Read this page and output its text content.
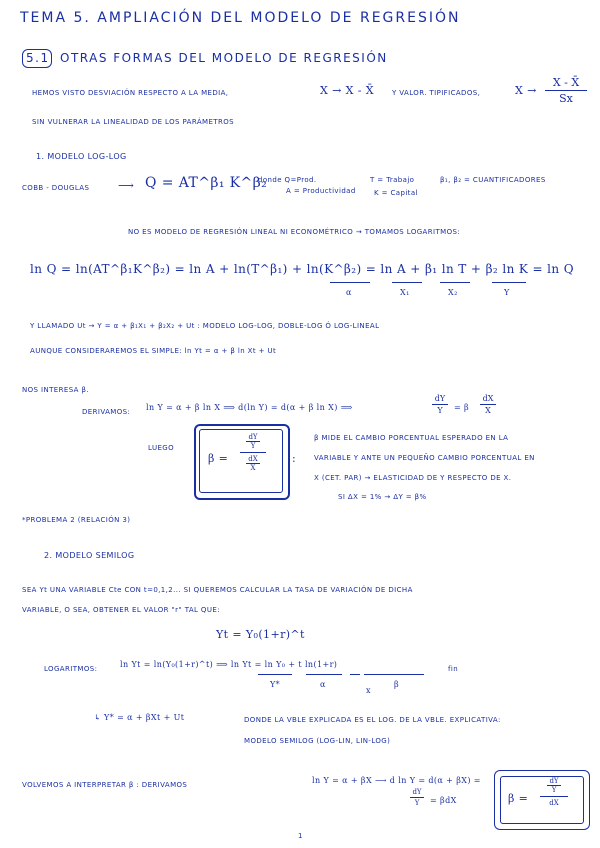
TEMA 5. AMPLIACIÓN DEL MODELO DE REGRESIÓN
5.1 OTRAS FORMAS DEL MODELO DE REGRESIÓN
HEMOS VISTO DESVIACIÓN RESPECTO A LA MEDIA,	X → X - X̄	Y VALOR. TIPIFICADOS,	X →
X - X̄
Sx
SIN VULNERAR LA LINEALIDAD DE LOS PARÁMETROS
1. MODELO LOG-LOG
COBB - DOUGLAS	⟶ Q = AT^β₁ K^β₂
donde Q=Prod.
A = Productividad
T = Trabajo
K = Capital
β₁, β₂ = CUANTIFICADORES
NO ES MODELO DE REGRESIÓN LINEAL NI ECONOMÉTRICO → TOMAMOS LOGARITMOS:
ln Q = ln(AT^β₁K^β₂) = ln A + ln(T^β₁) + ln(K^β₂) = ln A + β₁ ln T + β₂ ln K = ln Q
α	X₁	X₂	Y
Y LLAMADO Ut → Y = α + β₁X₁ + β₂X₂ + Ut : MODELO LOG-LOG, DOBLE-LOG Ó LOG-LINEAL
AUNQUE CONSIDERAREMOS EL SIMPLE: ln Yt = α + β ln Xt + Ut
NOS INTERESA β.
DERIVAMOS: ln Y = α + β ln X ⟹ d(ln Y) = d(α + β ln X) ⟹
dY
Y	= β
dX
X
LUEGO
β =
dY
Y
dX
X
:
β MIDE EL CAMBIO PORCENTUAL ESPERADO EN LA
VARIABLE Y ANTE UN PEQUEÑO CAMBIO PORCENTUAL EN
X (CET. PAR) → ELASTICIDAD DE Y RESPECTO DE X.
SI ΔX = 1% → ΔY = β%
*PROBLEMA 2 (RELACIÓN 3)
2. MODELO SEMILOG
SEA Yt UNA VARIABLE Cte CON t=0,1,2... SI QUEREMOS CALCULAR LA TASA DE VARIACIÓN DE DICHA
VARIABLE, O SEA, OBTENER EL VALOR "r" TAL QUE:
Yt = Y₀(1+r)^t
LOGARITMOS:	ln Yt = ln(Y₀(1+r)^t) ⟹ ln Yt = ln Y₀ + t ln(1+r)	fin
Y*	α
x
β
↳ Y* = α + βXt + Ut	DONDE LA VBLE EXPLICADA ES EL LOG. DE LA VBLE. EXPLICATIVA:
MODELO SEMILOG (LOG-LIN, LIN-LOG)
VOLVEMOS A INTERPRETAR β : DERIVAMOS	ln Y = α + βX ⟶ d ln Y = d(α + βX) =
dY
Y	= βdX	β =
dY
Y
dX
1
